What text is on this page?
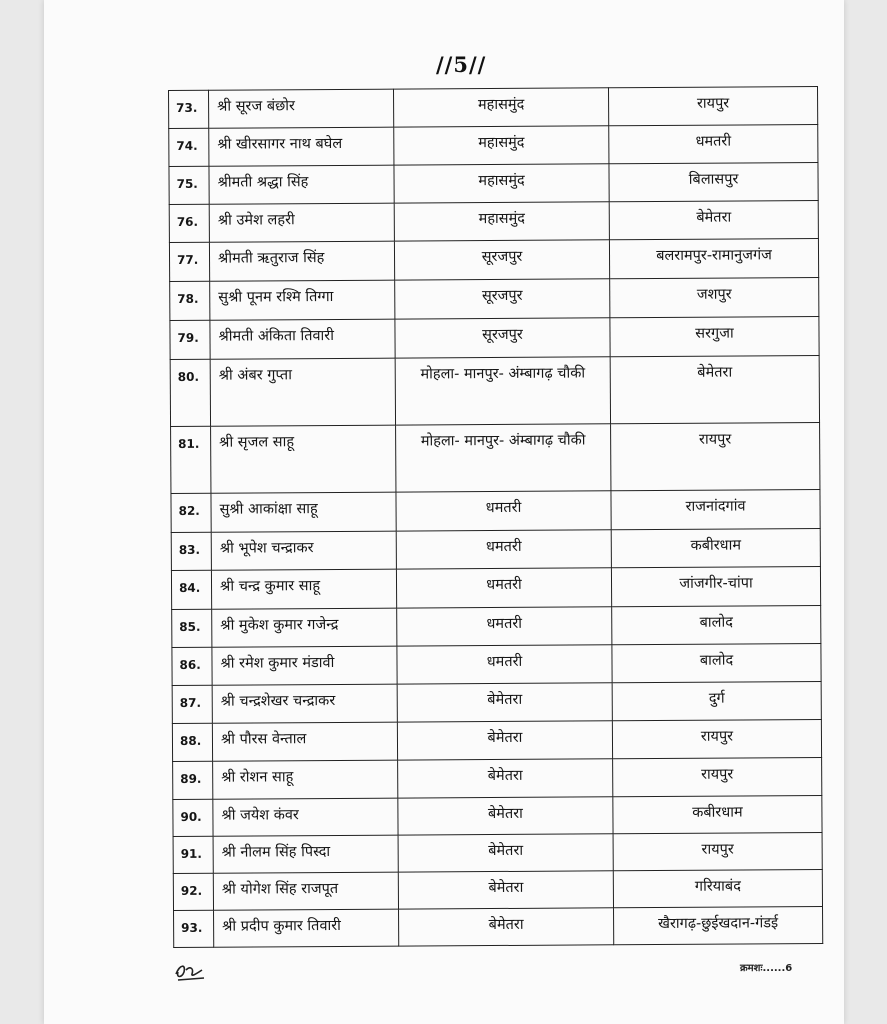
//5//
73.	श्री सूरज बंछोर	महासमुंद	रायपुर
74.	श्री खीरसागर नाथ बघेल	महासमुंद	धमतरी
75.	श्रीमती श्रद्धा सिंह	महासमुंद	बिलासपुर
76.	श्री उमेश लहरी	महासमुंद	बेमेतरा
77.	श्रीमती ऋतुराज सिंह	सूरजपुर	बलरामपुर-रामानुजगंज
78.	सुश्री पूनम रश्मि तिग्गा	सूरजपुर	जशपुर
79.	श्रीमती अंकिता तिवारी	सूरजपुर	सरगुजा
80.	श्री अंबर गुप्ता	मोहला- मानपुर- अंम्बागढ़ चौकी	बेमेतरा
81.	श्री सृजल साहू	मोहला- मानपुर- अंम्बागढ़ चौकी	रायपुर
82.	सुश्री आकांक्षा साहू	धमतरी	राजनांदगांव
83.	श्री भूपेश चन्द्राकर	धमतरी	कबीरधाम
84.	श्री चन्द्र कुमार साहू	धमतरी	जांजगीर-चांपा
85.	श्री मुकेश कुमार गजेन्द्र	धमतरी	बालोद
86.	श्री रमेश कुमार मंडावी	धमतरी	बालोद
87.	श्री चन्द्रशेखर चन्द्राकर	बेमेतरा	दुर्ग
88.	श्री पौरस वेन्ताल	बेमेतरा	रायपुर
89.	श्री रोशन साहू	बेमेतरा	रायपुर
90.	श्री जयेश कंवर	बेमेतरा	कबीरधाम
91.	श्री नीलम सिंह पिस्दा	बेमेतरा	रायपुर
92.	श्री योगेश सिंह राजपूत	बेमेतरा	गरियाबंद
93.	श्री प्रदीप कुमार तिवारी	बेमेतरा	खैरागढ़-छुईखदान-गंडई
क्रमशः......6
